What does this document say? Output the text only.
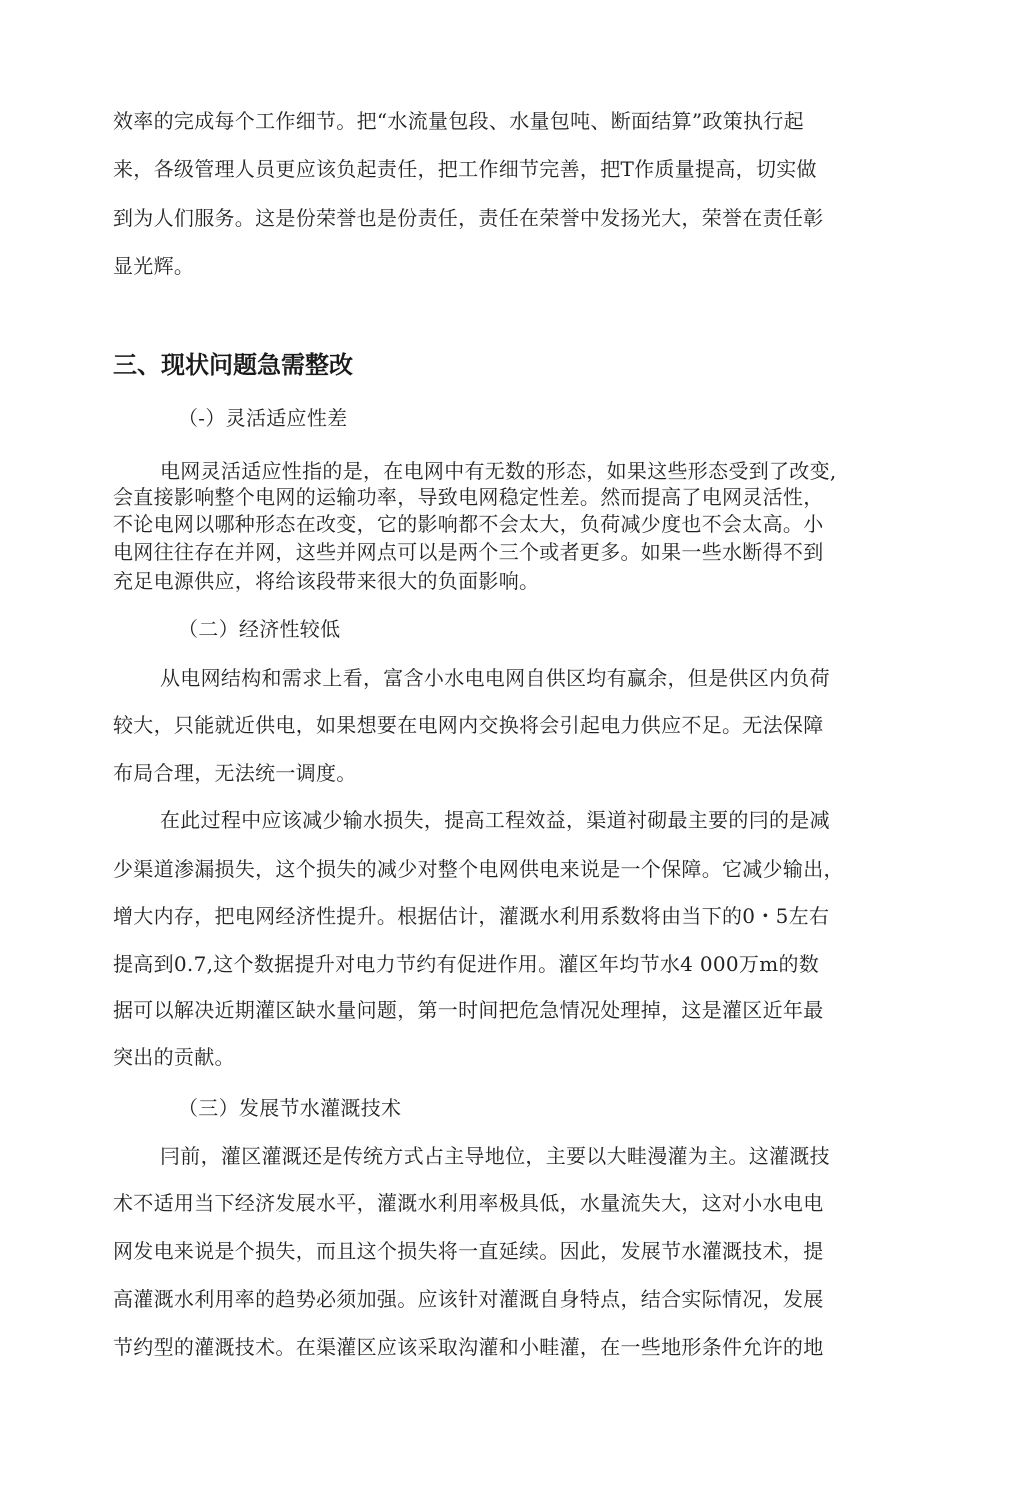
效率的完成每个工作细节。把“水流量包段、水量包吨、断面结算”政策执行起
来，各级管理人员更应该负起责任，把工作细节完善，把T作质量提高，切实做
到为人们服务。这是份荣誉也是份责任，责任在荣誉中发扬光大，荣誉在责任彰
显光辉。
三、现状问题急需整改
（-）灵活适应性差
电网灵活适应性指的是，在电网中有无数的形态，如果这些形态受到了改变,
会直接影响整个电网的运输功率，导致电网稳定性差。然而提高了电网灵活性，
不论电网以哪种形态在改变，它的影响都不会太大，负荷减少度也不会太高。小
电网往往存在并网，这些并网点可以是两个三个或者更多。如果一些水断得不到
充足电源供应，将给该段带来很大的负面影响。
（二）经济性较低
从电网结构和需求上看，富含小水电电网自供区均有赢余，但是供区内负荷
较大，只能就近供电，如果想要在电网内交换将会引起电力供应不足。无法保障
布局合理，无法统一调度。
在此过程中应该减少输水损失，提高工程效益，渠道衬砌最主要的冃的是减
少渠道渗漏损失，这个损失的减少对整个电网供电来说是一个保障。它减少输出，
增大内存，把电网经济性提升。根据估计，灌溉水利用系数将由当下的0・5左右
提高到0.7,这个数据提升对电力节约有促进作用。灌区年均节水4 000万m的数
据可以解决近期灌区缺水量问题，第一时间把危急情况处理掉，这是灌区近年最
突出的贡献。
（三）发展节水灌溉技术
冃前，灌区灌溉还是传统方式占主导地位，主要以大畦漫灌为主。这灌溉技
术不适用当下经济发展水平，灌溉水利用率极具低，水量流失大，这对小水电电
网发电来说是个损失，而且这个损失将一直延续。因此，发展节水灌溉技术，提
高灌溉水利用率的趋势必须加强。应该针对灌溉自身特点，结合实际情况，发展
节约型的灌溉技术。在渠灌区应该采取沟灌和小畦灌，在一些地形条件允许的地
